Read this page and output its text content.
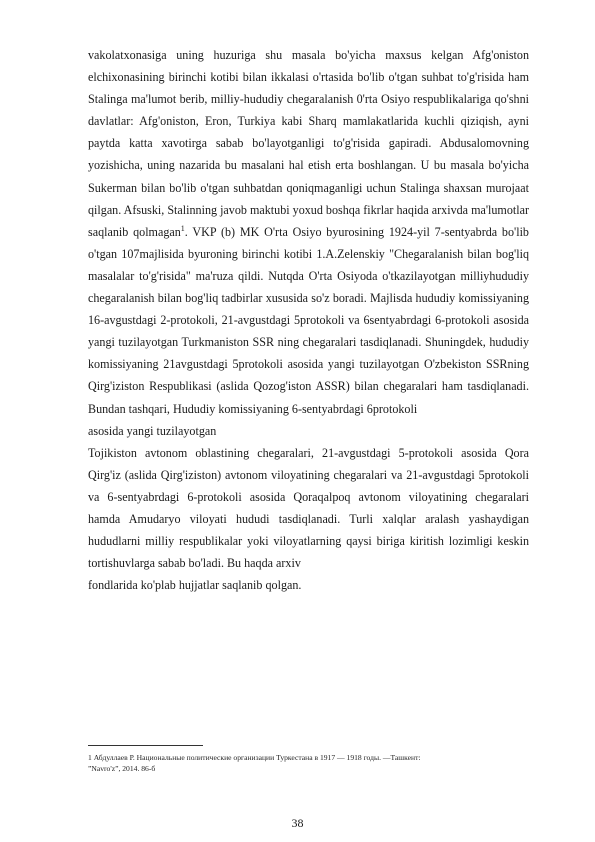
vakolatxonasiga uning huzuriga shu masala bo'yicha maxsus kelgan Afg'oniston elchixonasining birinchi kotibi bilan ikkalasi o'rtasida bo'lib o'tgan suhbat to'g'risida ham Stalinga ma'lumot berib, milliy-hududiy chegaralanish 0'rta Osiyo respublikalariga qo'shni davlatlar: Afg'oniston, Eron, Turkiya kabi Sharq mamlakatlarida kuchli qiziqish, ayni paytda katta xavotirga sabab bo'layotganligi to'g'risida gapiradi. Abdusalomovning yozishicha, uning nazarida bu masalani hal etish erta boshlangan. U bu masala bo'yicha Sukerman bilan bo'lib o'tgan suhbatdan qoniqmaganligi uchun Stalinga shaxsan murojaat qilgan. Afsuski, Stalinning javob maktubi yoxud boshqa fikrlar haqida arxivda ma'lumotlar saqlanib qolmagan$^1$. VKP (b) MK O'rta Osiyo byurosining 1924-yil 7-sentyabrda bo'lib o'tgan 107majlisida byuroning birinchi kotibi 1.A.Zelenskiy "Chegaralanish bilan bog'liq masalalar to'g'risida" ma'ruza qildi. Nutqda O'rta Osiyoda o'tkazilayotgan milliyhududiy chegaralanish bilan bog'liq tadbirlar xususida so'z boradi. Majlisda hududiy komissiyaning 16-avgustdagi 2-protokoli, 21-avgustdagi 5protokoli va 6sentyabrdagi 6-protokoli asosida yangi tuzilayotgan Turkmaniston SSR ning chegaralari tasdiqlanadi. Shuningdek, hududiy komissiyaning 21avgustdagi 5protokoli asosida yangi tuzilayotgan O'zbekiston SSRning Qirg'iziston Respublikasi (aslida Qozog'iston ASSR) bilan chegaralari ham tasdiqlanadi. Bundan tashqari, Hududiy komissiyaning 6-sentyabrdagi 6protokoli

asosida yangi tuzilayotgan

Tojikiston avtonom oblastining chegaralari, 21-avgustdagi 5-protokoli asosida Qora Qirg'iz (aslida Qirg'iziston) avtonom viloyatining chegaralari va 21-avgustdagi 5protokoli va 6-sentyabrdagi 6-protokoli asosida Qoraqalpoq avtonom viloyatining chegaralari hamda Amudaryo viloyati hududi tasdiqlanadi. Turli xalqlar aralash yashaydigan hududlarni milliy respublikalar yoki viloyatlarning qaysi biriga kiritish lozimligi keskin tortishuvlarga sabab bo'ladi. Bu haqda arxiv

fondlarida ko'plab hujjatlar saqlanib qolgan.

1 Абдуллаев Р. Национальные политические организации Туркестана в 1917 — 1918 годы. —Ташкент:
”Navro'z”, 2014. 86-б
38
